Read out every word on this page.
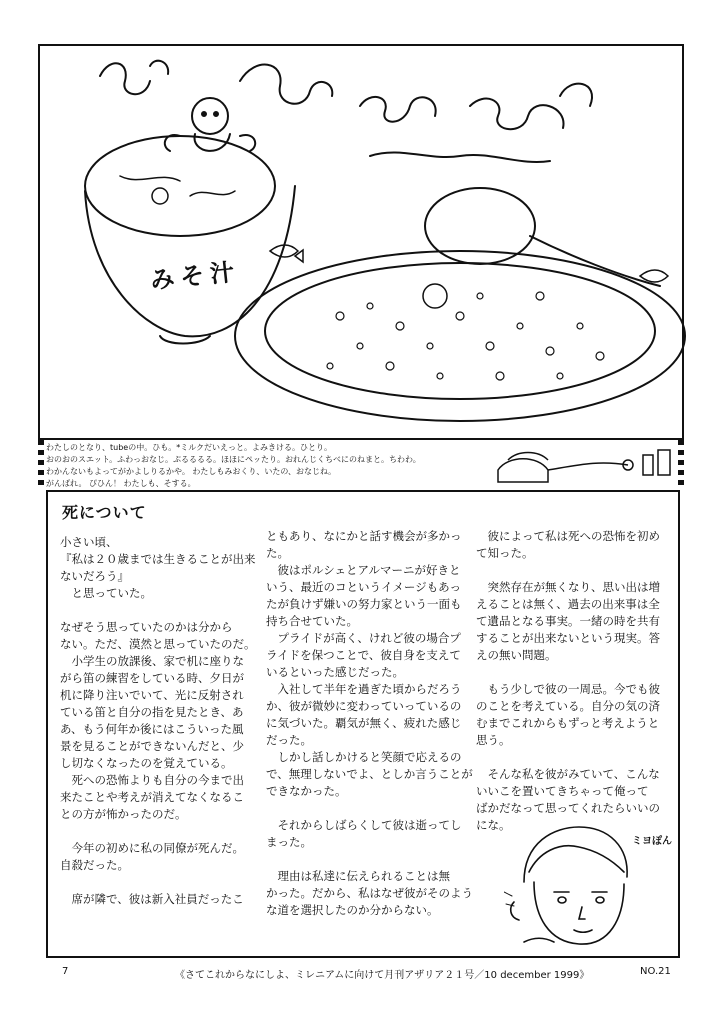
みそ汁
わたしのとなり、tubeの中。ひも。*ミルクだいえっと。よみきける。ひとり。
おのおのスエット。ふわっおなじ。ぷるるるる。ほほにペッたり。おれんじくちべにのねまと。ちわわ。
わかんないもよってがかよしりるかや。 わたしもみおくり、いたの、おなじね。
がんばれ。 ぴひん！ わたしも、そする。
死について

小さい頃、

『私は２０歳までは生きることが出来

ないだろう』

　と思っていた。

なぜそう思っていたのかは分から

ない。ただ、漠然と思っていたのだ。

　小学生の放課後、家で机に座りな

がら笛の練習をしている時、夕日が

机に降り注いでいて、光に反射され

ている笛と自分の指を見たとき、あ

あ、もう何年か後にはこういった風

景を見ることができないんだと、少

し切なくなったのを覚えている。

　死への恐怖よりも自分の今まで出

来たことや考えが消えてなくなるこ

との方が怖かったのだ。

　今年の初めに私の同僚が死んだ。

自殺だった。

　席が隣で、彼は新入社員だったこ

ともあり、なにかと話す機会が多かっ

た。

　彼はポルシェとアルマーニが好きと

いう、最近のコというイメージもあっ

たが負けず嫌いの努力家という一面も

持ち合せていた。

　プライドが高く、けれど彼の場合プ

ライドを保つことで、彼自身を支えて

いるといった感じだった。

　入社して半年を過ぎた頃からだろう

か、彼が微妙に変わっていっているの

に気づいた。覇気が無く、疲れた感じ

だった。

　しかし話しかけると笑顔で応えるの

で、無理しないでよ、としか言うことが

できなかった。

　それからしばらくして彼は逝ってし

まった。

　理由は私達に伝えられることは無

かった。だから、私はなぜ彼がそのよう

な道を選択したのか分からない。

　彼によって私は死への恐怖を初め

て知った。

　突然存在が無くなり、思い出は増

えることは無く、過去の出来事は全

て遺品となる事実。一緒の時を共有

することが出来ないという現実。答

えの無い問題。

　もう少しで彼の一周忌。今でも彼

のことを考えている。自分の気の済

むまでこれからもずっと考えようと

思う。

　そんな私を彼がみていて、こんな

いいこを置いてきちゃって俺って

ばかだなって思ってくれたらいいの

にな。

ミヨぽん
7	《さてこれからなにしよ、ミレニアムに向けて月刊アザリア２１号／10 december 1999》	NO.21
